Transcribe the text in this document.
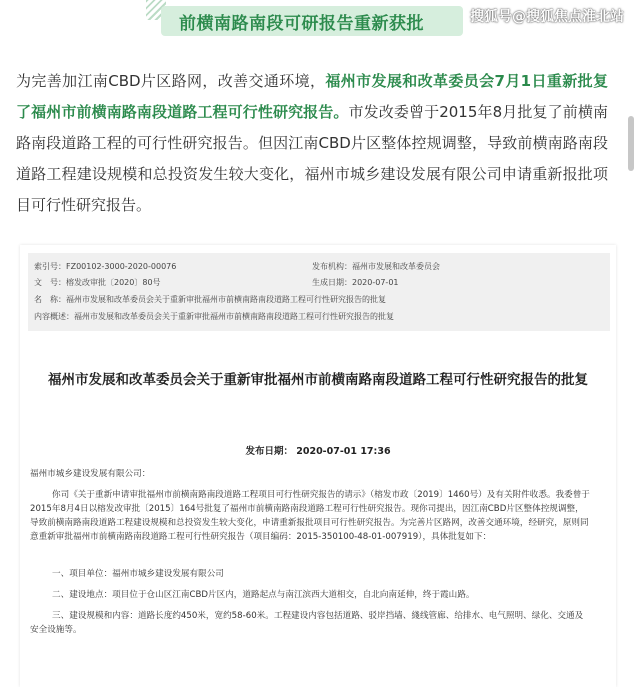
前横南路南段可研报告重新获批	搜狐号@搜狐焦点淮北站

为完善加江南CBD片区路网，改善交通环境，福州市发展和改革委员会7月1日重新批复了福州市前横南路南段道路工程可行性研究报告。市发改委曾于2015年8月批复了前横南路南段道路工程的可行性研究报告。但因江南CBD片区整体控规调整，导致前横南路南段道路工程建设规模和总投资发生较大变化，福州市城乡建设发展有限公司申请重新报批项目可行性研究报告。

索引号：FZ00102-3000-2020-00076	发布机构：福州市发展和改革委员会
文　号：榕发改审批〔2020〕80号	生成日期：2020-07-01
名　称：福州市发展和改革委员会关于重新审批福州市前横南路南段道路工程可行性研究报告的批复
内容概述：福州市发展和改革委员会关于重新审批福州市前横南路南段道路工程可行性研究报告的批复
福州市发展和改革委员会关于重新审批福州市前横南路南段道路工程可行性研究报告的批复
发布日期： 2020-07-01 17:36

福州市城乡建设发展有限公司：

你司《关于重新申请审批福州市前横南路南段道路工程项目可行性研究报告的请示》（榕发市政〔2019〕1460号）及有关附件收悉。我委曾于2015年8月4日以榕发改审批〔2015〕164号批复了福州市前横南路南段道路工程可行性研究报告。现你司提出，因江南CBD片区整体控规调整，导致前横南路南段道路工程建设规模和总投资发生较大变化，申请重新报批项目可行性研究报告。为完善片区路网，改善交通环境，经研究，原则同意重新审批福州市前横南路南段道路工程可行性研究报告（项目编码：2015-350100-48-01-007919），具体批复如下：

一、项目单位：福州市城乡建设发展有限公司

二、建设地点：项目位于仓山区江南CBD片区内，道路起点与南江滨西大道相交，自北向南延伸，终于霞山路。

三、建设规模和内容：道路长度约450米，宽约58-60米。工程建设内容包括道路、驳岸挡墙、綫线管廊、给排水、电气照明、绿化、交通及安全设施等。
